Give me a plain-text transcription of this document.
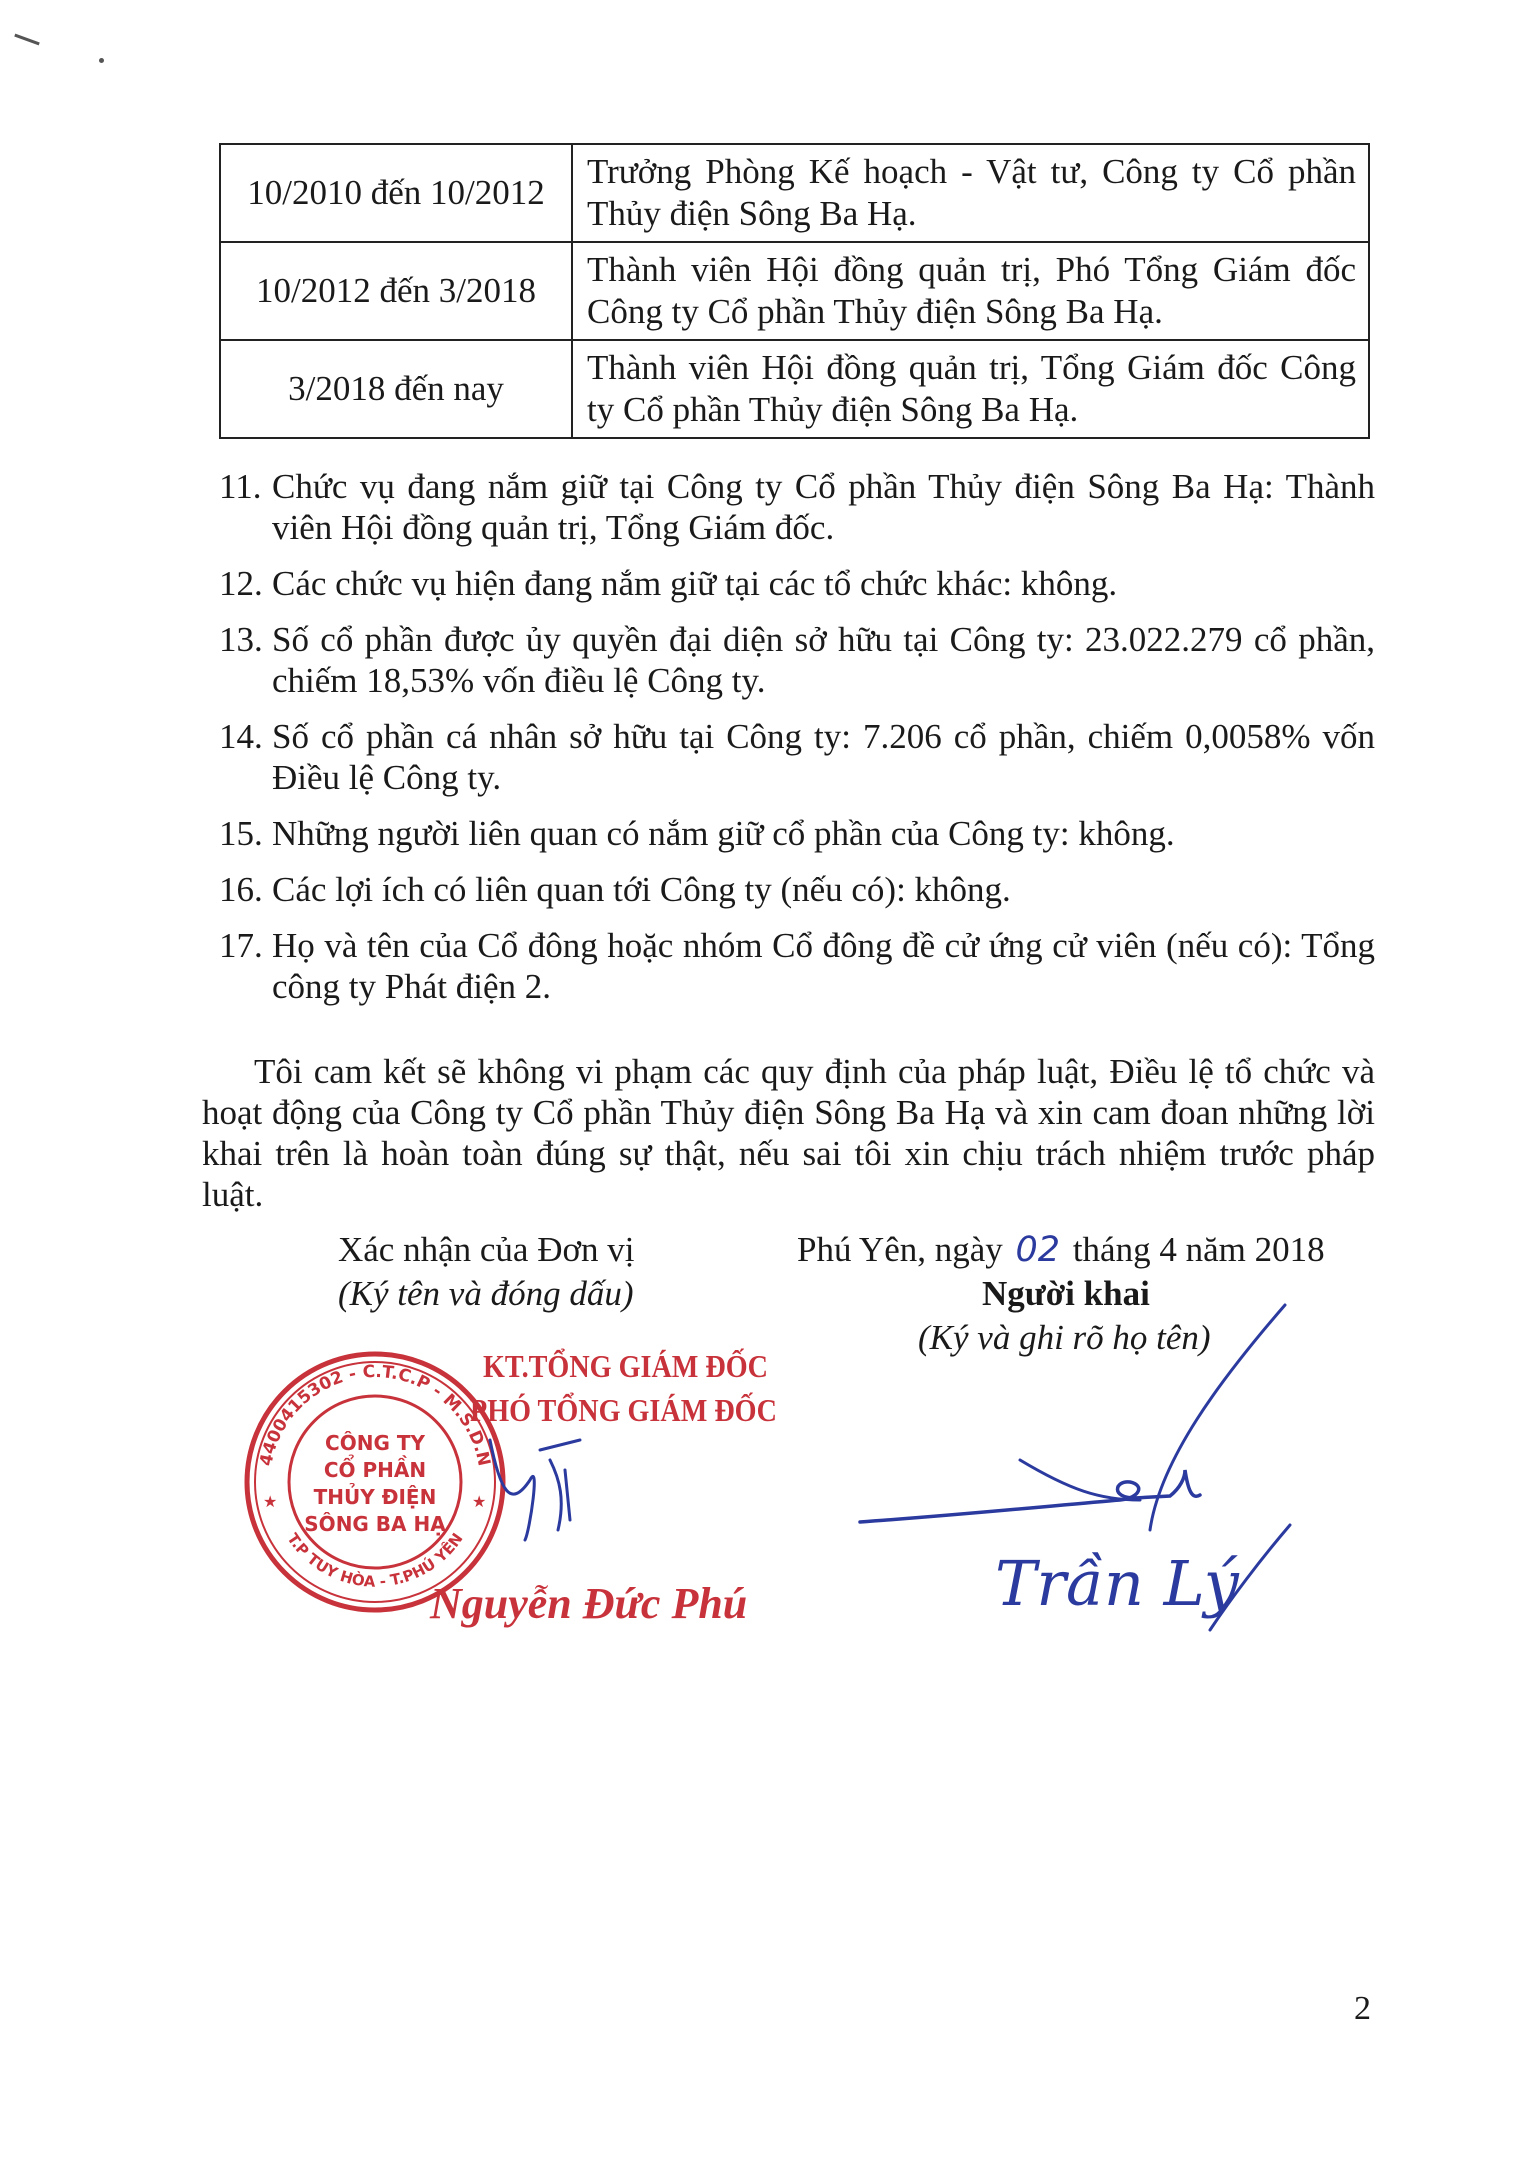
10/2010 đến 10/2012	Trưởng Phòng Kế hoạch - Vật tư, Công ty Cổ phần Thủy điện Sông Ba Hạ.
10/2012 đến 3/2018	Thành viên Hội đồng quản trị, Phó Tổng Giám đốc Công ty Cổ phần Thủy điện Sông Ba Hạ.
3/2018 đến nay	Thành viên Hội đồng quản trị, Tổng Giám đốc Công ty Cổ phần Thủy điện Sông Ba Hạ.
11. Chức vụ đang nắm giữ tại Công ty Cổ phần Thủy điện Sông Ba Hạ: Thành viên Hội đồng quản trị, Tổng Giám đốc.
12. Các chức vụ hiện đang nắm giữ tại các tổ chức khác: không.
13. Số cổ phần được ủy quyền đại diện sở hữu tại Công ty: 23.022.279 cổ phần, chiếm 18,53% vốn điều lệ Công ty.
14. Số cổ phần cá nhân sở hữu tại Công ty: 7.206 cổ phần, chiếm 0,0058% vốn Điều lệ Công ty.
15. Những người liên quan có nắm giữ cổ phần của Công ty: không.
16. Các lợi ích có liên quan tới Công ty (nếu có): không.
17. Họ và tên của Cổ đông hoặc nhóm Cổ đông đề cử ứng cử viên (nếu có): Tổng công ty Phát điện 2.
Tôi cam kết sẽ không vi phạm các quy định của pháp luật, Điều lệ tổ chức và hoạt động của Công ty Cổ phần Thủy điện Sông Ba Hạ và xin cam đoan những lời khai trên là hoàn toàn đúng sự thật, nếu sai tôi xin chịu trách nhiệm trước pháp luật.
Xác nhận của Đơn vị
(Ký tên và đóng dấu)
Phú Yên, ngày 02 tháng 4 năm 2018
Người khai
(Ký và ghi rõ họ tên)
KT.TỔNG GIÁM ĐỐC
PHÓ TỔNG GIÁM ĐỐC
4400415302 - C.T.C.P - M.S.D.N
T.P TUY HÒA - T.PHÚ YÊN
★	★
CÔNG TY
CỔ PHẦN
THỦY ĐIỆN
SÔNG BA HẠ
Nguyễn Đức Phú	Trần Lý
2
